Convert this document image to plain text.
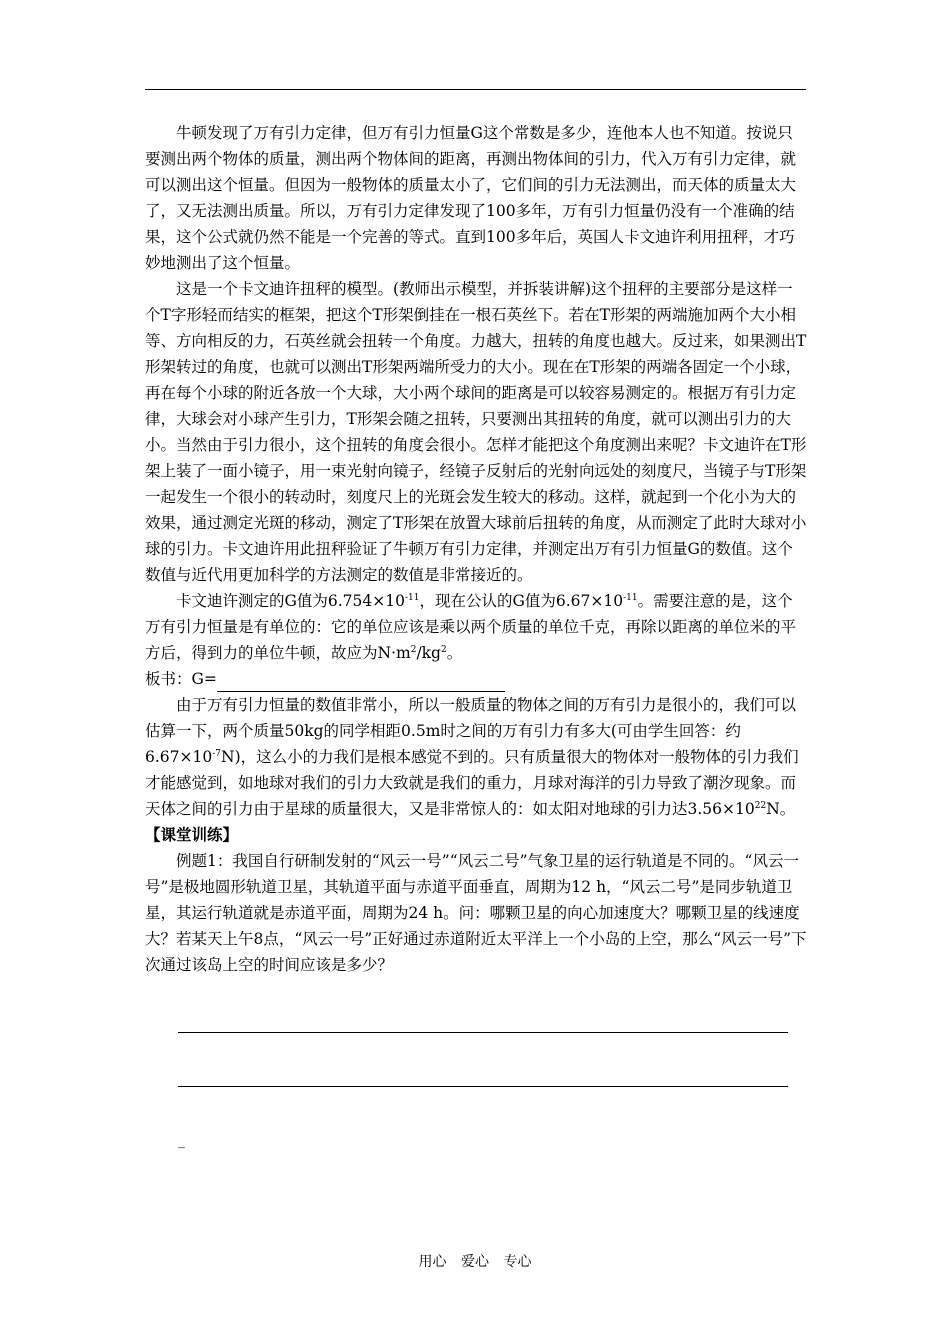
牛顿发现了万有引力定律，但万有引力恒量G这个常数是多少，连他本人也不知道。按说只要测出两个物体的质量，测出两个物体间的距离，再测出物体间的引力，代入万有引力定律，就可以测出这个恒量。但因为一般物体的质量太小了，它们间的引力无法测出，而天体的质量太大了，又无法测出质量。所以，万有引力定律发现了100多年，万有引力恒量仍没有一个准确的结果，这个公式就仍然不能是一个完善的等式。直到100多年后，英国人卡文迪许利用扭秤，才巧妙地测出了这个恒量。

这是一个卡文迪许扭秤的模型。(教师出示模型，并拆装讲解)这个扭秤的主要部分是这样一个T字形轻而结实的框架，把这个T形架倒挂在一根石英丝下。若在T形架的两端施加两个大小相等、方向相反的力，石英丝就会扭转一个角度。力越大，扭转的角度也越大。反过来，如果测出T形架转过的角度，也就可以测出T形架两端所受力的大小。现在在T形架的两端各固定一个小球，再在每个小球的附近各放一个大球，大小两个球间的距离是可以较容易测定的。根据万有引力定律，大球会对小球产生引力，T形架会随之扭转，只要测出其扭转的角度，就可以测出引力的大小。当然由于引力很小，这个扭转的角度会很小。怎样才能把这个角度测出来呢？卡文迪许在T形架上装了一面小镜子，用一束光射向镜子，经镜子反射后的光射向远处的刻度尺，当镜子与T形架一起发生一个很小的转动时，刻度尺上的光斑会发生较大的移动。这样，就起到一个化小为大的效果，通过测定光斑的移动，测定了T形架在放置大球前后扭转的角度，从而测定了此时大球对小球的引力。卡文迪许用此扭秤验证了牛顿万有引力定律，并测定出万有引力恒量G的数值。这个数值与近代用更加科学的方法测定的数值是非常接近的。

卡文迪许测定的G值为$6.754\times 10^{-11}$，现在公认的G值为$6.67\times 10^{-11}$。需要注意的是，这个万有引力恒量是有单位的：它的单位应该是乘以两个质量的单位千克，再除以距离的单位米的平方后，得到力的单位牛顿，故应为$N\cdot m^2/kg^2$。

板书：G=

由于万有引力恒量的数值非常小，所以一般质量的物体之间的万有引力是很小的，我们可以估算一下，两个质量50kg的同学相距0.5m时之间的万有引力有多大(可由学生回答：约$6.67\times 10^{-7}N$)，这么小的力我们是根本感觉不到的。只有质量很大的物体对一般物体的引力我们才能感觉到，如地球对我们的引力大致就是我们的重力，月球对海洋的引力导致了潮汐现象。而天体之间的引力由于星球的质量很大，又是非常惊人的：如太阳对地球的引力达$3.56\times 10^{22}N$。

【课堂训练】

例题1：我国自行研制发射的“风云一号”“风云二号”气象卫星的运行轨道是不同的。“风云一号”是极地圆形轨道卫星，其轨道平面与赤道平面垂直，周期为12 h，“风云二号”是同步轨道卫星，其运行轨道就是赤道平面，周期为24 h。问：哪颗卫星的向心加速度大？哪颗卫星的线速度大？若某天上午8点，“风云一号”正好通过赤道附近太平洋上一个小岛的上空，那么“风云一号”下次通过该岛上空的时间应该是多少？

_
用心 爱心 专心
